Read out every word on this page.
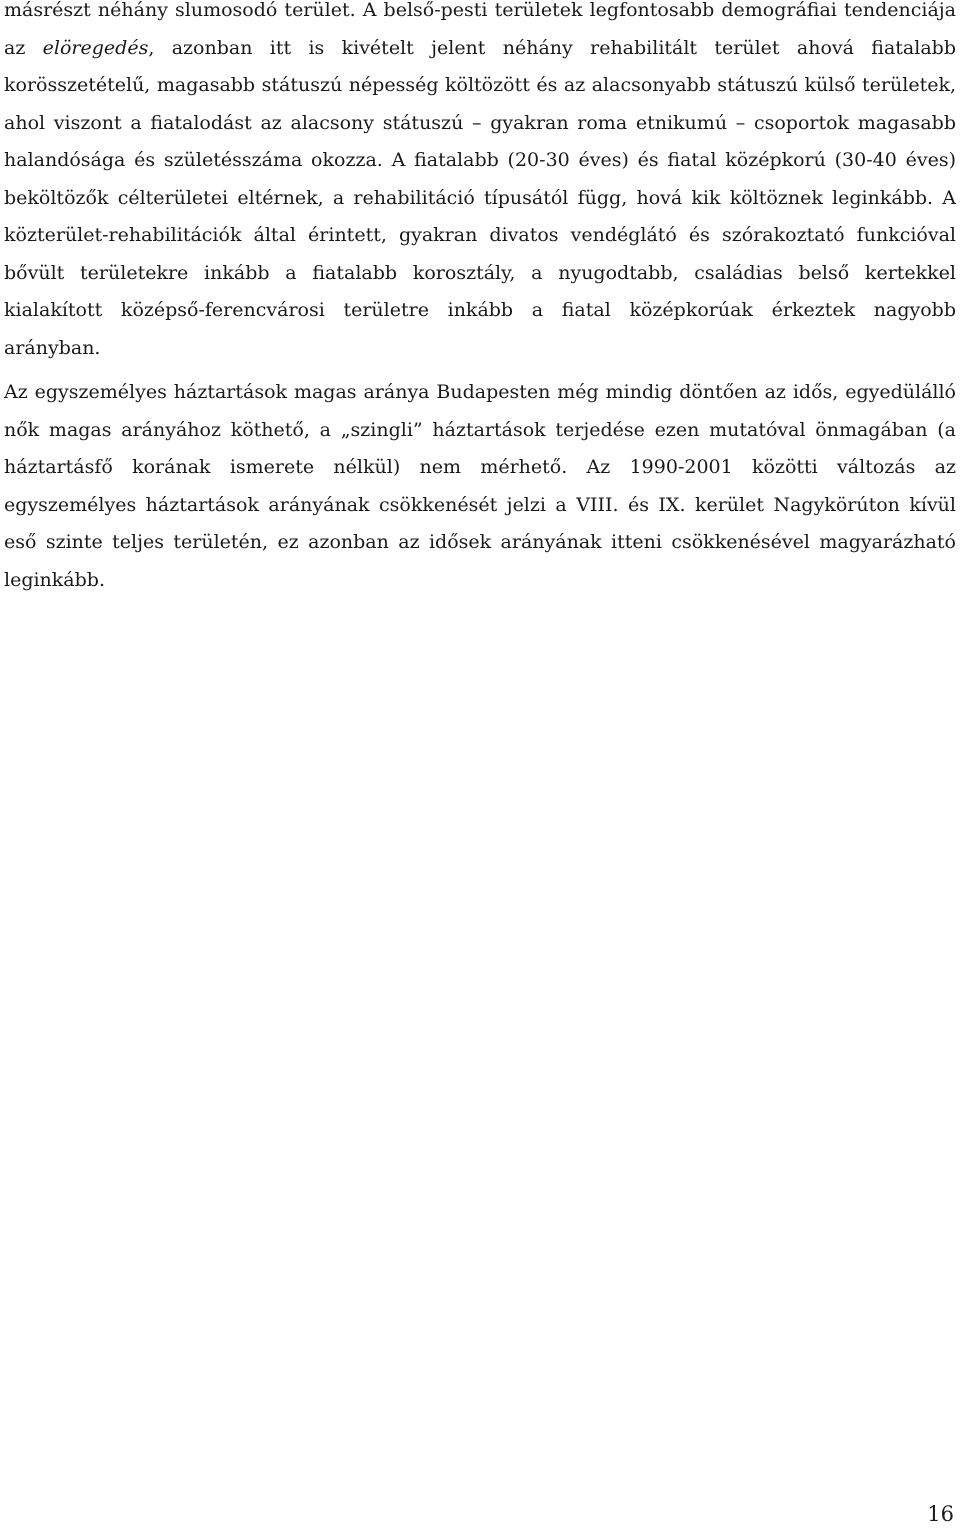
másrészt néhány slumosodó terület. A belső-pesti területek legfontosabb demográfiai tendenciája az elöregedés, azonban itt is kivételt jelent néhány rehabilitált terület ahová fiatalabb korösszetételű, magasabb státuszú népesség költözött és az alacsonyabb státuszú külső területek, ahol viszont a fiatalodást az alacsony státuszú – gyakran roma etnikumú – csoportok magasabb halandósága és születésszáma okozza. A fiatalabb (20-30 éves) és fiatal középkorú (30-40 éves) beköltözők célterületei eltérnek, a rehabilitáció típusától függ, hová kik költöznek leginkább. A közterület-rehabilitációk által érintett, gyakran divatos vendéglátó és szórakoztató funkcióval bővült területekre inkább a fiatalabb korosztály, a nyugodtabb, családias belső kertekkel kialakított középső-ferencvárosi területre inkább a fiatal középkorúak érkeztek nagyobb arányban.

Az egyszemélyes háztartások magas aránya Budapesten még mindig döntően az idős, egyedülálló nők magas arányához köthető, a „szingli” háztartások terjedése ezen mutatóval önmagában (a háztartásfő korának ismerete nélkül) nem mérhető. Az 1990-2001 közötti változás az egyszemélyes háztartások arányának csökkenését jelzi a VIII. és IX. kerület Nagykörúton kívül eső szinte teljes területén, ez azonban az idősek arányának itteni csökkenésével magyarázható leginkább.

16
